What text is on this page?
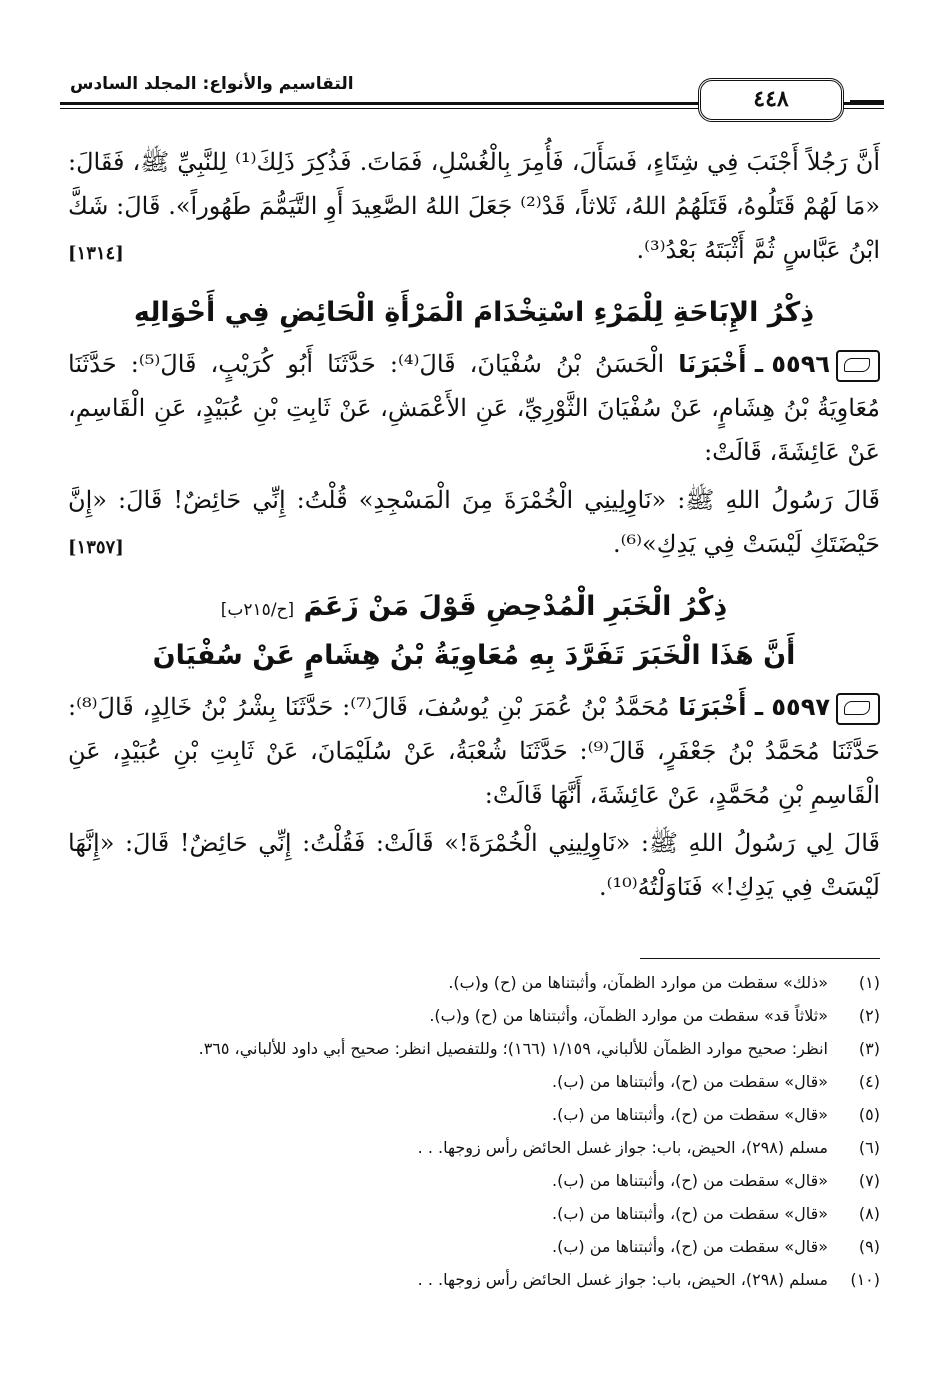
٤٤٨
التقاسيم والأنواع: المجلد السادس

أَنَّ رَجُلاً أَجْنَبَ فِي شِتَاءٍ، فَسَأَلَ، فَأُمِرَ بِالْغُسْلِ، فَمَاتَ. فَذُكِرَ ذَلِكَ⁽¹⁾ لِلنَّبِيِّ ﷺ، فَقَالَ: «مَا لَهُمْ قَتَلُوهُ، قَتَلَهُمُ اللهُ، ثَلاثاً، قَدْ⁽²⁾ جَعَلَ اللهُ الصَّعِيدَ أَوِ التَّيَمُّمَ طَهُوراً». قَالَ: شَكَّ ابْنُ عَبَّاسٍ ثُمَّ أَثْبَتَهُ بَعْدُ⁽³⁾.
[١٣١٤]

ذِكْرُ الإِبَاحَةِ لِلْمَرْءِ اسْتِخْدَامَ الْمَرْأَةِ الْحَائِضِ فِي أَحْوَالِهِ

٥٥٩٦ ـ أَخْبَرَنَا الْحَسَنُ بْنُ سُفْيَانَ، قَالَ⁽⁴⁾: حَدَّثَنَا أَبُو كُرَيْبٍ، قَالَ⁽⁵⁾: حَدَّثَنَا مُعَاوِيَةُ بْنُ هِشَامٍ، عَنْ سُفْيَانَ الثَّوْرِيِّ، عَنِ الأَعْمَشِ، عَنْ ثَابِتِ بْنِ عُبَيْدٍ، عَنِ الْقَاسِمِ، عَنْ عَائِشَةَ، قَالَتْ:

قَالَ رَسُولُ اللهِ ﷺ: «نَاوِلِينِي الْخُمْرَةَ مِنَ الْمَسْجِدِ» قُلْتُ: إِنِّي حَائِضٌ! قَالَ: «إِنَّ حَيْضَتَكِ لَيْسَتْ فِي يَدِكِ»⁽⁶⁾.
[١٣٥٧]

ذِكْرُ الْخَبَرِ الْمُدْحِضِ قَوْلَ مَنْ زَعَمَ [ح/٢١٥ب]
أَنَّ هَذَا الْخَبَرَ تَفَرَّدَ بِهِ مُعَاوِيَةُ بْنُ هِشَامٍ عَنْ سُفْيَانَ

٥٥٩٧ ـ أَخْبَرَنَا مُحَمَّدُ بْنُ عُمَرَ بْنِ يُوسُفَ، قَالَ⁽⁷⁾: حَدَّثَنَا بِشْرُ بْنُ خَالِدٍ، قَالَ⁽⁸⁾: حَدَّثَنَا مُحَمَّدُ بْنُ جَعْفَرٍ، قَالَ⁽⁹⁾: حَدَّثَنَا شُعْبَةُ، عَنْ سُلَيْمَانَ، عَنْ ثَابِتِ بْنِ عُبَيْدٍ، عَنِ الْقَاسِمِ بْنِ مُحَمَّدٍ، عَنْ عَائِشَةَ، أَنَّهَا قَالَتْ:

قَالَ لِي رَسُولُ اللهِ ﷺ: «نَاوِلِينِي الْخُمْرَةَ!» قَالَتْ: فَقُلْتُ: إِنِّي حَائِضٌ! قَالَ: «إِنَّهَا لَيْسَتْ فِي يَدِكِ!» فَنَاوَلْتُهُ⁽¹⁰⁾.

(١)
«ذلك» سقطت من موارد الظمآن، وأثبتناها من (ح) و(ب).
(٢)
«ثلاثاً قد» سقطت من موارد الظمآن، وأثبتناها من (ح) و(ب).
(٣)
انظر: صحيح موارد الظمآن للألباني، ١/١٥٩ (١٦٦)؛ وللتفصيل انظر: صحيح أبي داود للألباني، ٣٦٥.
(٤)
«قال» سقطت من (ح)، وأثبتناها من (ب).
(٥)
«قال» سقطت من (ح)، وأثبتناها من (ب).
(٦)
مسلم (٢٩٨)، الحيض، باب: جواز غسل الحائض رأس زوجها. . .
(٧)
«قال» سقطت من (ح)، وأثبتناها من (ب).
(٨)
«قال» سقطت من (ح)، وأثبتناها من (ب).
(٩)
«قال» سقطت من (ح)، وأثبتناها من (ب).
(١٠)
مسلم (٢٩٨)، الحيض، باب: جواز غسل الحائض رأس زوجها. . .
